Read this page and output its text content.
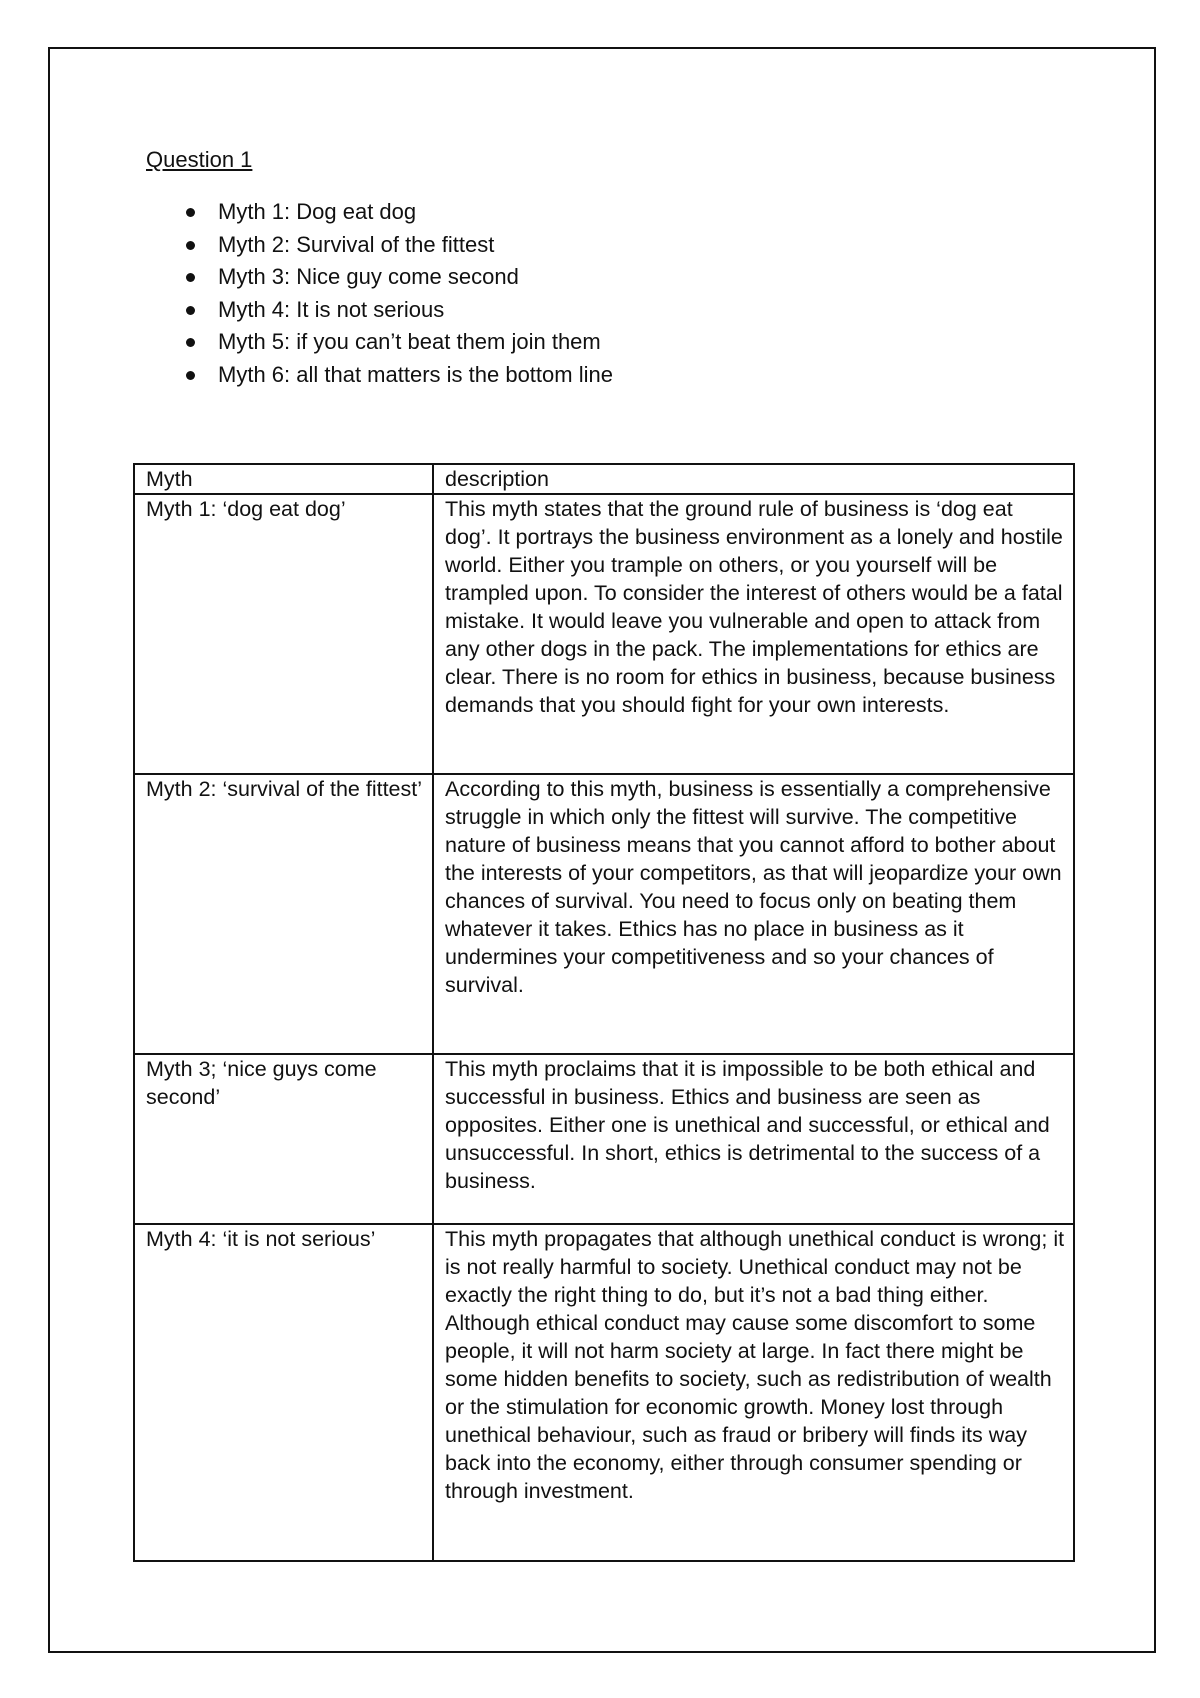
Question 1
Myth 1: Dog eat dog
Myth 2: Survival of the fittest
Myth 3: Nice guy come second
Myth 4: It is not serious
Myth 5: if you can’t beat them join them
Myth 6: all that matters is the bottom line
Myth	description
Myth 1: ‘dog eat dog’	This myth states that the ground rule of business is ‘dog eat dog’. It portrays the business environment as a lonely and hostile world. Either you trample on others, or you yourself will be trampled upon. To consider the interest of others would be a fatal mistake. It would leave you vulnerable and open to attack from any other dogs in the pack. The implementations for ethics are clear. There is no room for ethics in business, because business demands that you should fight for your own interests.
Myth 2: ‘survival of the fittest’	According to this myth, business is essentially a comprehensive struggle in which only the fittest will survive. The competitive nature of business means that you cannot afford to bother about the interests of your competitors, as that will jeopardize your own chances of survival. You need to focus only on beating them whatever it takes. Ethics has no place in business as it undermines your competitiveness and so your chances of survival.
Myth 3; ‘nice guys come second’	This myth proclaims that it is impossible to be both ethical and successful in business. Ethics and business are seen as opposites. Either one is unethical and successful, or ethical and unsuccessful. In short, ethics is detrimental to the success of a business.
Myth 4: ‘it is not serious’	This myth propagates that although unethical conduct is wrong; it is not really harmful to society. Unethical conduct may not be exactly the right thing to do, but it’s not a bad thing either. Although ethical conduct may cause some discomfort to some people, it will not harm society at large. In fact there might be some hidden benefits to society, such as redistribution of wealth or the stimulation for economic growth. Money lost through unethical behaviour, such as fraud or bribery will finds its way back into the economy, either through consumer spending or through investment.
